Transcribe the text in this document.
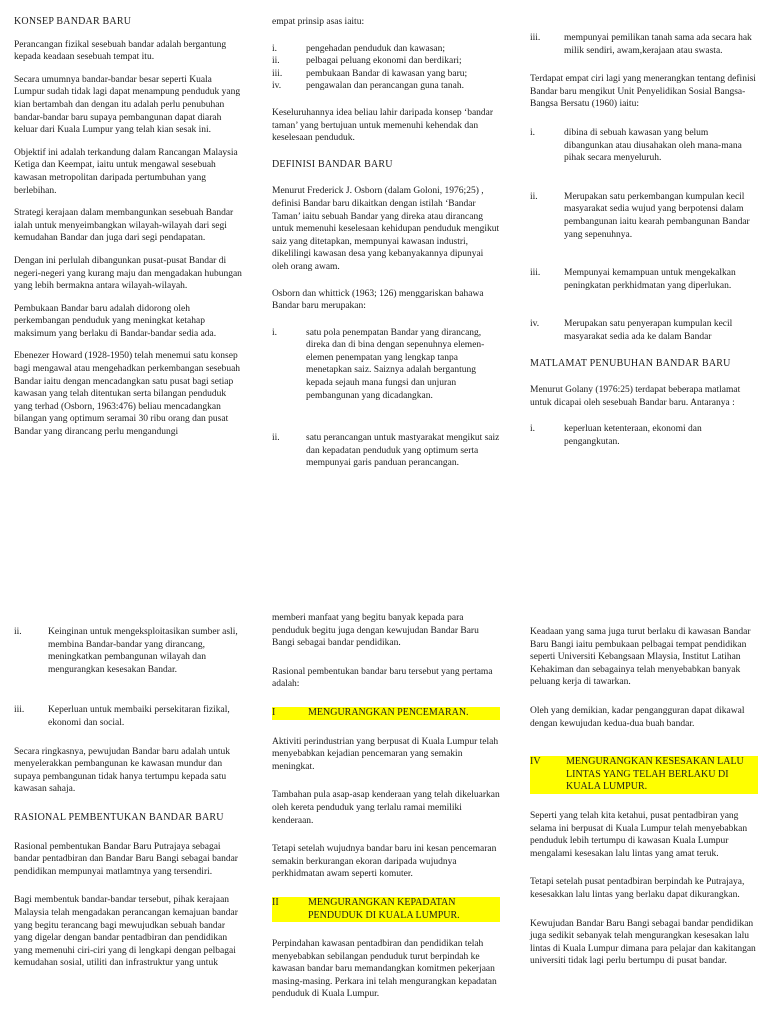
KONSEP BANDAR BARU

Perancangan fizikal sesebuah bandar adalah bergantung kepada keadaan sesebuah tempat itu.

Secara umumnya bandar-bandar besar seperti Kuala Lumpur sudah tidak lagi dapat menampung penduduk yang kian bertambah dan dengan itu adalah perlu penubuhan bandar-bandar baru supaya pembangunan dapat diarah keluar dari Kuala Lumpur yang telah kian sesak ini.

Objektif ini adalah terkandung dalam Rancangan Malaysia Ketiga dan Keempat, iaitu untuk mengawal sesebuah kawasan metropolitan daripada pertumbuhan yang berlebihan.

Strategi kerajaan dalam membangunkan sesebuah Bandar ialah untuk menyeimbangkan wilayah-wilayah dari segi kemudahan Bandar dan juga dari segi pendapatan.

Dengan ini perlulah dibangunkan pusat-pusat Bandar di negeri-negeri yang kurang maju dan mengadakan hubungan yang lebih bermakna antara wilayah-wilayah.

Pembukaan Bandar baru adalah didorong oleh perkembangan penduduk yang meningkat ketahap maksimum yang berlaku di Bandar-bandar sedia ada.

Ebenezer Howard (1928-1950) telah menemui satu konsep bagi mengawal atau mengehadkan perkembangan sesebuah Bandar iaitu dengan mencadangkan satu pusat bagi setiap kawasan yang telah ditentukan serta bilangan penduduk yang terhad (Osborn, 1963:476) beliau mencadangkan bilangan yang optimum seramai 30 ribu orang dan pusat Bandar yang dirancang perlu mengandungi

empat prinsip asas iaitu:

i.	pengehadan penduduk dan kawasan;
ii.	pelbagai peluang ekonomi dan berdikari;
iii.	pembukaan Bandar di kawasan yang baru;
iv.	pengawalan dan perancangan guna tanah.

Keseluruhannya idea beliau lahir daripada konsep ‘bandar taman’ yang bertujuan untuk memenuhi kehendak dan keselesaan penduduk.

DEFINISI BANDAR BARU

Menurut Frederick J. Osborn (dalam Goloni, 1976;25) , definisi Bandar baru dikaitkan dengan istilah ‘Bandar Taman’ iaitu sebuah Bandar yang direka atau dirancang untuk memenuhi keselesaan kehidupan penduduk mengikut saiz yang ditetapkan, mempunyai kawasan industri, dikelilingi kawasan desa yang kebanyakannya dipunyai oleh orang awam.

Osborn dan whittick (1963; 126) menggariskan bahawa Bandar baru merupakan:

i.	satu pola penempatan Bandar yang dirancang, direka dan di bina dengan sepenuhnya elemen-elemen penempatan yang lengkap tanpa menetapkan saiz. Saiznya adalah bergantung kepada sejauh mana fungsi dan unjuran pembangunan yang dicadangkan.
ii.	satu perancangan untuk mastyarakat mengikut saiz dan kepadatan penduduk yang optimum serta mempunyai garis panduan perancangan.
iii.	mempunyai pemilikan tanah sama ada secara hak milik sendiri, awam,kerajaan atau swasta.

Terdapat empat ciri lagi yang menerangkan tentang definisi Bandar baru mengikut Unit Penyelidikan Sosial Bangsa-Bangsa Bersatu (1960) iaitu:

i.	dibina di sebuah kawasan yang belum dibangunkan atau diusahakan oleh mana-mana pihak secara menyeluruh.
ii.	Merupakan satu perkembangan kumpulan kecil masyarakat sedia wujud yang berpotensi dalam pembangunan iaitu kearah pembangunan Bandar yang sepenuhnya.
iii.	Mempunyai kemampuan untuk mengekalkan peningkatan perkhidmatan yang diperlukan.
iv.	Merupakan satu penyerapan kumpulan kecil masyarakat sedia ada ke dalam Bandar
MATLAMAT PENUBUHAN BANDAR BARU

Menurut Golany (1976:25) terdapat beberapa matlamat untuk dicapai oleh sesebuah Bandar baru. Antaranya :

i.	keperluan ketenteraan, ekonomi dan pengangkutan.
ii.	Keinginan untuk mengeksploitasikan sumber asli, membina Bandar-bandar yang dirancang, meningkatkan pembangunan wilayah dan mengurangkan kesesakan Bandar.
iii.	Keperluan untuk membaiki persekitaran fizikal, ekonomi dan social.

Secara ringkasnya, pewujudan Bandar baru adalah untuk menyelerakkan pembangunan ke kawasan mundur dan supaya pembangunan tidak hanya tertumpu kepada satu kawasan sahaja.

RASIONAL PEMBENTUKAN BANDAR BARU

Rasional pembentukan Bandar Baru Putrajaya sebagai bandar pentadbiran dan Bandar Baru Bangi sebagai bandar pendidikan mempunyai matlamtnya yang tersendiri.

Bagi membentuk bandar-bandar tersebut, pihak kerajaan Malaysia telah mengadakan perancangan kemajuan bandar yang begitu terancang bagi mewujudkan sebuah bandar yang digelar dengan bandar pentadbiran dan pendidikan yang memenuhi ciri-ciri yang di lengkapi dengan pelbagai kemudahan sosial, utiliti dan infrastruktur yang untuk

memberi manfaat yang begitu banyak kepada para penduduk begitu juga dengan kewujudan Bandar Baru Bangi sebagai bandar pendidikan.

Rasional pembentukan bandar baru tersebut yang pertama adalah:

I	MENGURANGKAN PENCEMARAN.

Aktiviti perindustrian yang berpusat di Kuala Lumpur telah menyebabkan kejadian pencemaran yang semakin meningkat.

Tambahan pula asap-asap kenderaan yang telah dikeluarkan oleh kereta penduduk yang terlalu ramai memiliki kenderaan.

Tetapi setelah wujudnya bandar baru ini kesan pencemaran semakin berkurangan ekoran daripada wujudnya perkhidmatan awam seperti komuter.

II	MENGURANGKAN KEPADATAN PENDUDUK DI KUALA LUMPUR.

Perpindahan kawasan pentadbiran dan pendidikan telah menyebabkan sebilangan penduduk turut berpindah ke kawasan bandar baru memandangkan komitmen pekerjaan masing-masing. Perkara ini telah mengurangkan kepadatan penduduk di Kuala Lumpur.

Keadaan yang sama juga turut berlaku di kawasan Bandar Baru Bangi iaitu pembukaan pelbagai tempat pendidikan seperti Universiti Kebangsaan Mlaysia, Institut Latihan Kehakiman dan sebagainya telah menyebabkan banyak peluang kerja di tawarkan.

Oleh yang demikian, kadar pengangguran dapat dikawal dengan kewujudan kedua-dua buah bandar.

IV	MENGURANGKAN KESESAKAN LALU LINTAS YANG TELAH BERLAKU DI KUALA LUMPUR.

Seperti yang telah kita ketahui, pusat pentadbiran yang selama ini berpusat di Kuala Lumpur telah menyebabkan penduduk lebih tertumpu di kawasan Kuala Lumpur mengalami kesesakan lalu lintas yang amat teruk.

Tetapi setelah pusat pentadbiran berpindah ke Putrajaya, kesesakkan lalu lintas yang berlaku dapat dikurangkan.

Kewujudan Bandar Baru Bangi sebagai bandar pendidikan juga sedikit sebanyak telah mengurangkan kesesakan lalu lintas di Kuala Lumpur dimana para pelajar dan kakitangan universiti tidak lagi perlu bertumpu di pusat bandar.
